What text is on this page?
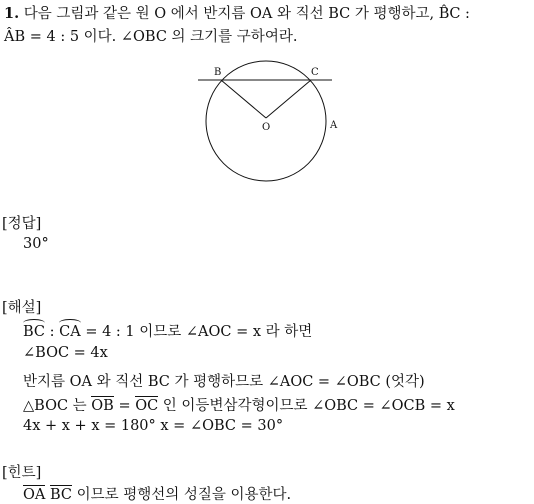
1. 다음 그림과 같은 원 O 에서 반지름 OA 와 직선 BC 가 평행하고, B̂C :
ÂB = 4 : 5 이다. ∠OBC 의 크기를 구하여라.
B	C
O	A
[정답]
30°
[해설]
BC : CA = 4 : 1 이므로 ∠AOC = x 라 하면
∠BOC = 4x
반지름 OA 와 직선 BC 가 평행하므로 ∠AOC = ∠OBC (엇각)
△BOC 는 OB = OC 인 이등변삼각형이므로 ∠OBC = ∠OCB = x
4x + x + x = 180° x = ∠OBC = 30°
[힌트]
OA BC 이므로 평행선의 성질을 이용한다.
